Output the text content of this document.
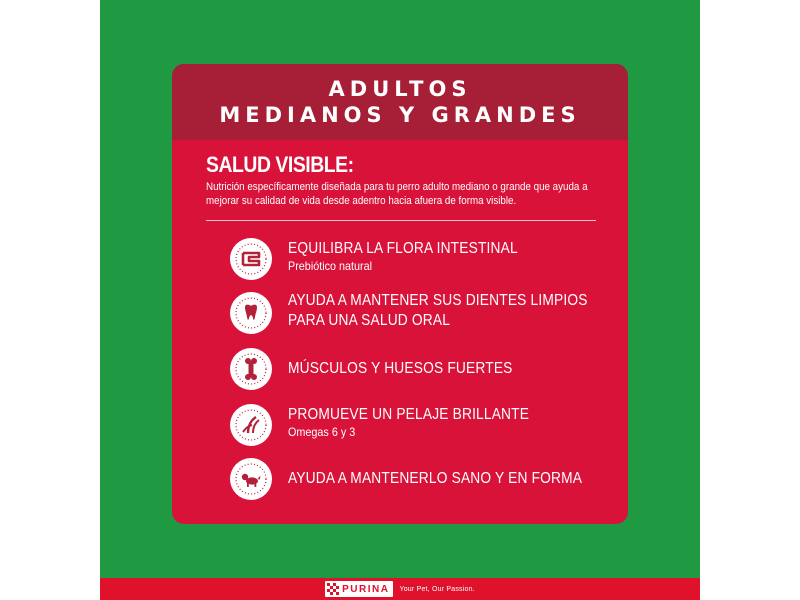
ADULTOS
MEDIANOS Y GRANDES
SALUD VISIBLE:
Nutrición específicamente diseñada para tu perro adulto mediano o grande que ayuda a mejorar su calidad de vida desde adentro hacia afuera de forma visible.
EQUILIBRA LA FLORA INTESTINAL
Prebiótico natural
AYUDA A MANTENER SUS DIENTES LIMPIOS
PARA UNA SALUD ORAL
MÚSCULOS Y HUESOS FUERTES
PROMUEVE UN PELAJE BRILLANTE
Omegas 6 y 3
AYUDA A MANTENERLO SANO Y EN FORMA
PURINA Your Pet, Our Passion.
